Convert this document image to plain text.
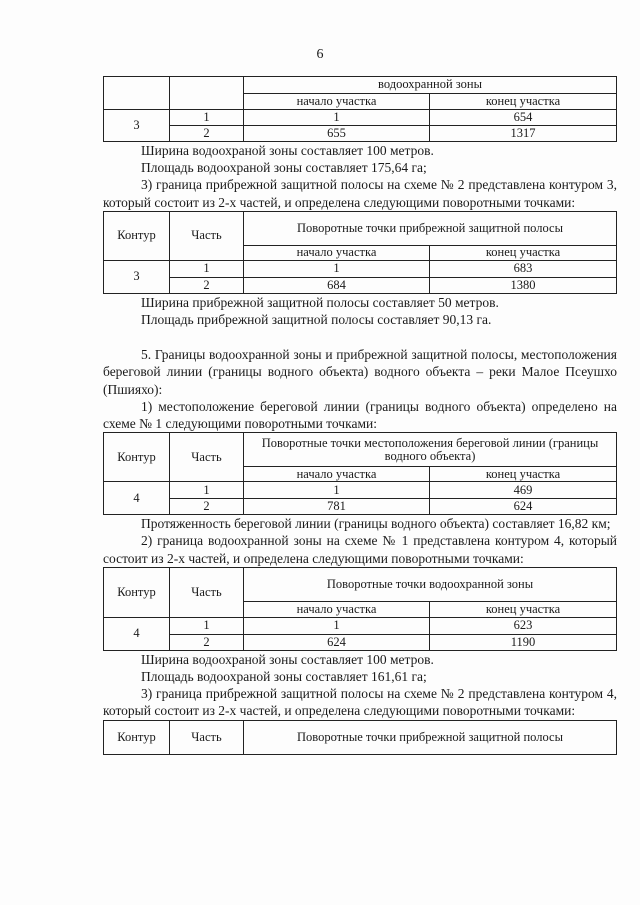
6
		водоохранной зоны	
		начало участка	конец участка
3	1	1	654
	2	655	1317

Ширина водоохраной зоны составляет 100 метров.

Площадь водоохраной зоны составляет 175,64 га;

3) граница прибрежной защитной полосы на схеме № 2 представлена контуром 3, который состоит из 2-х частей, и определена следующими поворотными точками:

Контур	Часть	Поворотные точки прибрежной защитной полосы	
		начало участка	конец участка
3	1	1	683
	2	684	1380

Ширина прибрежной защитной полосы составляет 50 метров.

Площадь прибрежной защитной полосы составляет 90,13 га.

5. Границы водоохранной зоны и прибрежной защитной полосы, местоположения береговой линии (границы водного объекта) водного объекта – реки Малое Псеушхо (Пшияхо):

1) местоположение береговой линии (границы водного объекта) определено на схеме № 1 следующими поворотными точками:

Контур	Часть	Поворотные точки местоположения береговой линии (границы водного объекта)	
		начало участка	конец участка
4	1	1	469
	2	781	624

Протяженность береговой линии (границы водного объекта) составляет 16,82 км;

2) граница водоохранной зоны на схеме № 1 представлена контуром 4, который состоит из 2-х частей, и определена следующими поворотными точками:

Контур	Часть	Поворотные точки водоохранной зоны	
		начало участка	конец участка
4	1	1	623
	2	624	1190

Ширина водоохраной зоны составляет 100 метров.

Площадь водоохраной зоны составляет 161,61 га;

3) граница прибрежной защитной полосы на схеме № 2 представлена контуром 4, который состоит из 2-х частей, и определена следующими поворотными точками:

Контур	Часть	Поворотные точки прибрежной защитной полосы
